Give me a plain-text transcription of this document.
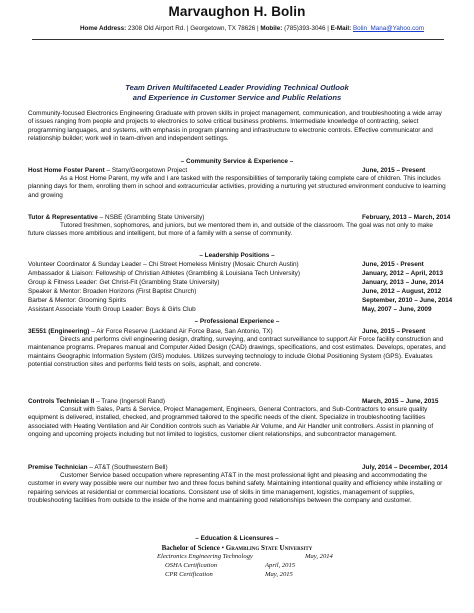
Marvaughon H. Bolin
Home Address: 2308 Old Airport Rd. | Georgetown, TX 78626 | Mobile: (785)393-3046 | E-Mail: Bolin_Mana@Yahoo.com
Team Driven Multifaceted Leader Providing Technical Outlook
and Experience in Customer Service and Public Relations
Community-focused Electronics Engineering Graduate with proven skills in project management, communication, and troubleshooting a wide array of issues ranging from people and projects to electronics to solve critical business problems. Intermediate knowledge of contracting, select programming languages, and systems, with emphasis in program planning and infrastructure to electronic controls. Effective communicator and relationship builder; work well in team-driven and independent settings.
– Community Service & Experience –
Host Home Foster Parent – Starry/Georgetown Project	June, 2015 – Present
As a Host Home Parent, my wife and I are tasked with the responsibilities of temporarily taking complete care of children. This includes planning days for them, enrolling them in school and extracurricular activities, providing a nurturing yet structured environment conducive to learning and growing
Tutor & Representative – NSBE (Grambling State University)	February, 2013 – March, 2014
Tutored freshmen, sophomores, and juniors, but we mentored them in, and outside of the classroom. The goal was not only to make future classes more ambitious and intelligent, but more of a family with a sense of community.
– Leadership Positions –
Volunteer Coordinator & Sunday Leader – Chi Street Homeless Ministry (Mosaic Church Austin)	June, 2015 - Present
Ambassador & Liaison: Fellowship of Christian Athletes (Grambling & Louisiana Tech University)	January, 2012 – April, 2013
Group & Fitness Leader: Get Christ-Fit (Grambling State University)	January, 2013 – June, 2014
Speaker & Mentor: Broaden Horizons (First Baptist Church)	June, 2012 – August, 2012
Barber & Mentor: Grooming Spirits	September, 2010 – June, 2014
Assistant Associate Youth Group Leader: Boys & Girls Club	May, 2007 – June, 2009
– Professional Experience –
3E551 (Engineering) – Air Force Reserve (Lackland Air Force Base, San Antonio, TX)	June, 2015 – Present
Directs and performs civil engineering design, drafting, surveying, and contract surveillance to support Air Force facility construction and maintenance programs. Prepares manual and Computer Aided Design (CAD) drawings, specifications, and cost estimates. Develops, operates, and maintains Geographic Information System (GIS) modules. Utilizes surveying technology to include Global Positioning System (GPS). Evaluates potential construction sites and performs field tests on soils, asphalt, and concrete.
Controls Technician II – Trane (Ingersoll Rand)	March, 2015 – June, 2015
Consult with Sales, Parts & Service, Project Management, Engineers, General Contractors, and Sub-Contractors to ensure quality equipment is delivered, installed, checked, and programmed tailored to the specific needs of the client. Specialize in troubleshooting facilities associated with Heating Ventilation and Air Condition controls such as Variable Air Volume, and Air Handler unit controllers. Assist in planning of ongoing and upcoming projects including but not limited to logistics, customer client relationships, and subcontractor management.
Premise Technician – AT&T (Southwestern Bell)	July, 2014 – December, 2014
Customer Service based occupation where representing AT&T in the most professional light and pleasing and accommodating the customer in every way possible were our number two and three focus behind safety. Maintaining intentional quality and efficiency while installing or repairing services at residential or commercial locations. Consistent use of skills in time management, logistics, management of supplies, troubleshooting facilities from outside to the inside of the home and maintaining good relationships between the company and customer.
– Education & Licensures –
Bachelor of Science • Grambling State University
Electronics Engineering Technology	May, 2014
OSHA Certification	April, 2015
CPR Certification	May, 2015
